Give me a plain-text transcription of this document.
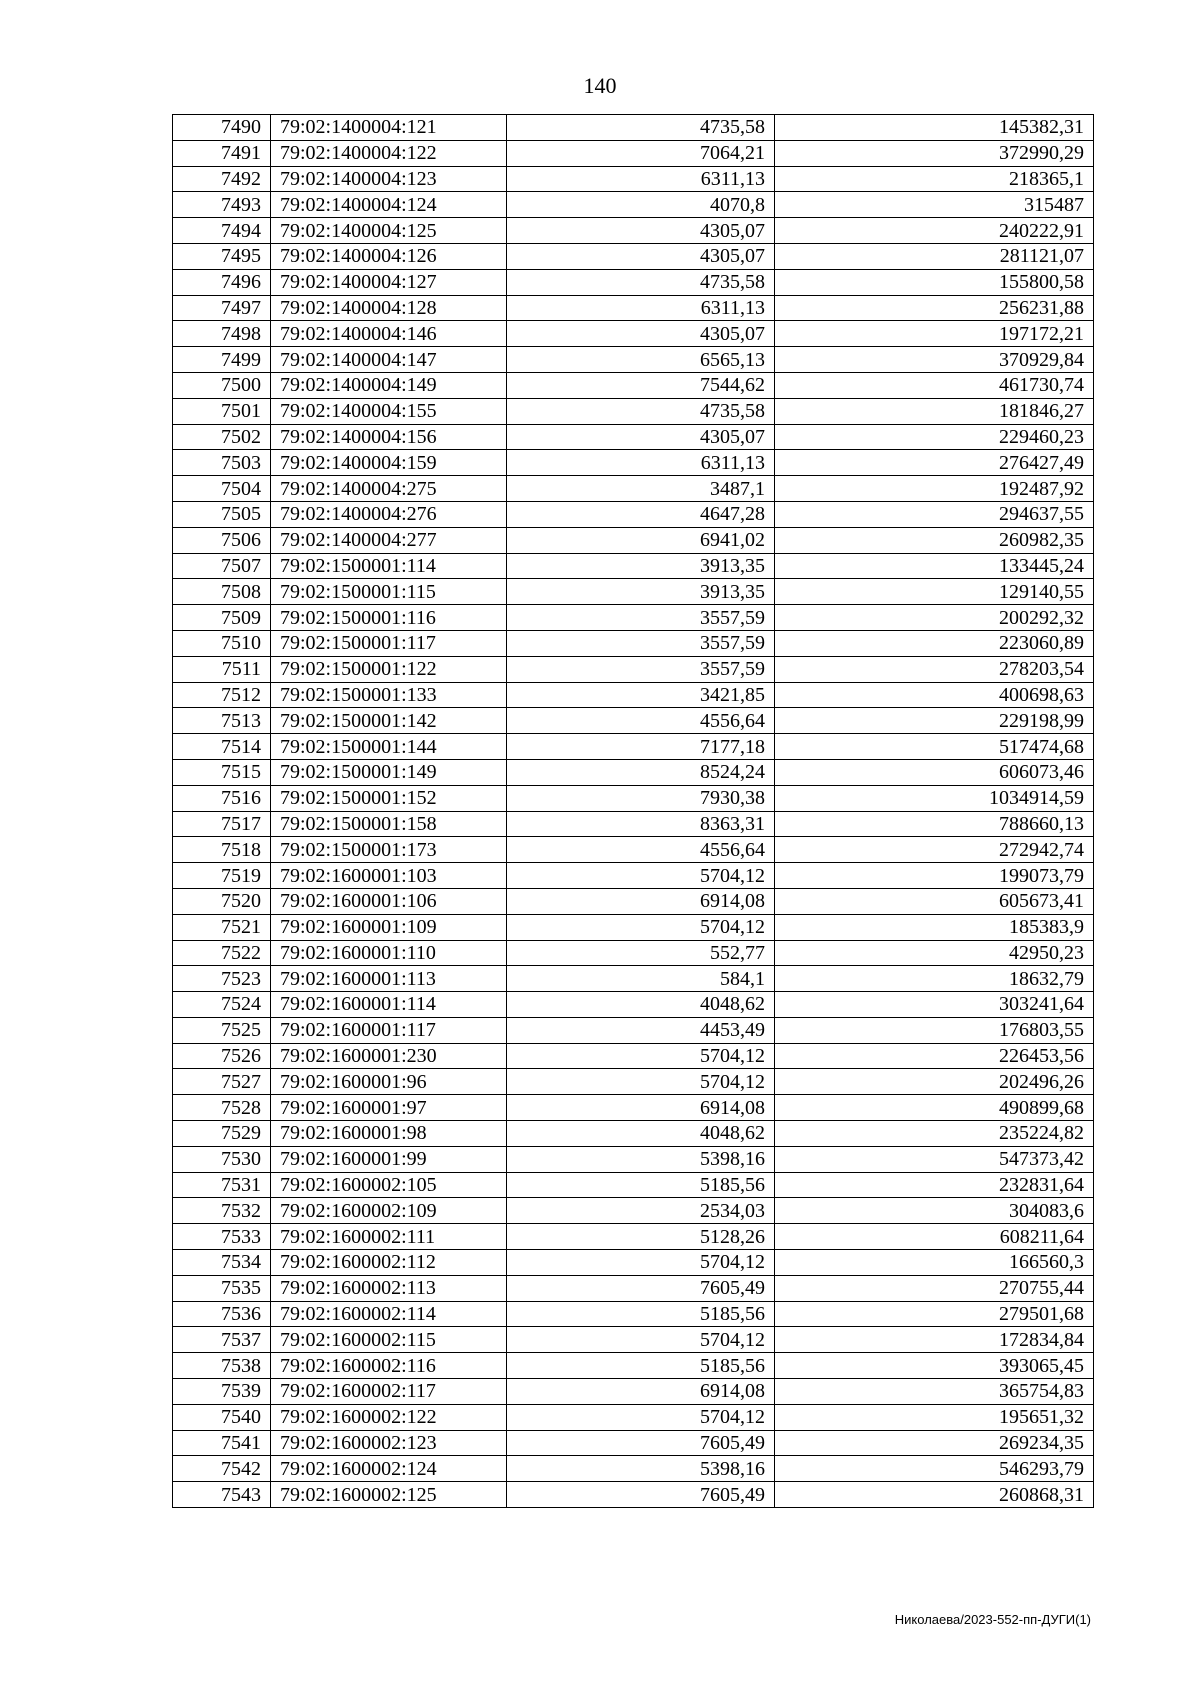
140
7490	79:02:1400004:121	4735,58	145382,31
7491	79:02:1400004:122	7064,21	372990,29
7492	79:02:1400004:123	6311,13	218365,1
7493	79:02:1400004:124	4070,8	315487
7494	79:02:1400004:125	4305,07	240222,91
7495	79:02:1400004:126	4305,07	281121,07
7496	79:02:1400004:127	4735,58	155800,58
7497	79:02:1400004:128	6311,13	256231,88
7498	79:02:1400004:146	4305,07	197172,21
7499	79:02:1400004:147	6565,13	370929,84
7500	79:02:1400004:149	7544,62	461730,74
7501	79:02:1400004:155	4735,58	181846,27
7502	79:02:1400004:156	4305,07	229460,23
7503	79:02:1400004:159	6311,13	276427,49
7504	79:02:1400004:275	3487,1	192487,92
7505	79:02:1400004:276	4647,28	294637,55
7506	79:02:1400004:277	6941,02	260982,35
7507	79:02:1500001:114	3913,35	133445,24
7508	79:02:1500001:115	3913,35	129140,55
7509	79:02:1500001:116	3557,59	200292,32
7510	79:02:1500001:117	3557,59	223060,89
7511	79:02:1500001:122	3557,59	278203,54
7512	79:02:1500001:133	3421,85	400698,63
7513	79:02:1500001:142	4556,64	229198,99
7514	79:02:1500001:144	7177,18	517474,68
7515	79:02:1500001:149	8524,24	606073,46
7516	79:02:1500001:152	7930,38	1034914,59
7517	79:02:1500001:158	8363,31	788660,13
7518	79:02:1500001:173	4556,64	272942,74
7519	79:02:1600001:103	5704,12	199073,79
7520	79:02:1600001:106	6914,08	605673,41
7521	79:02:1600001:109	5704,12	185383,9
7522	79:02:1600001:110	552,77	42950,23
7523	79:02:1600001:113	584,1	18632,79
7524	79:02:1600001:114	4048,62	303241,64
7525	79:02:1600001:117	4453,49	176803,55
7526	79:02:1600001:230	5704,12	226453,56
7527	79:02:1600001:96	5704,12	202496,26
7528	79:02:1600001:97	6914,08	490899,68
7529	79:02:1600001:98	4048,62	235224,82
7530	79:02:1600001:99	5398,16	547373,42
7531	79:02:1600002:105	5185,56	232831,64
7532	79:02:1600002:109	2534,03	304083,6
7533	79:02:1600002:111	5128,26	608211,64
7534	79:02:1600002:112	5704,12	166560,3
7535	79:02:1600002:113	7605,49	270755,44
7536	79:02:1600002:114	5185,56	279501,68
7537	79:02:1600002:115	5704,12	172834,84
7538	79:02:1600002:116	5185,56	393065,45
7539	79:02:1600002:117	6914,08	365754,83
7540	79:02:1600002:122	5704,12	195651,32
7541	79:02:1600002:123	7605,49	269234,35
7542	79:02:1600002:124	5398,16	546293,79
7543	79:02:1600002:125	7605,49	260868,31
Николаева/2023-552-пп-ДУГИ(1)
